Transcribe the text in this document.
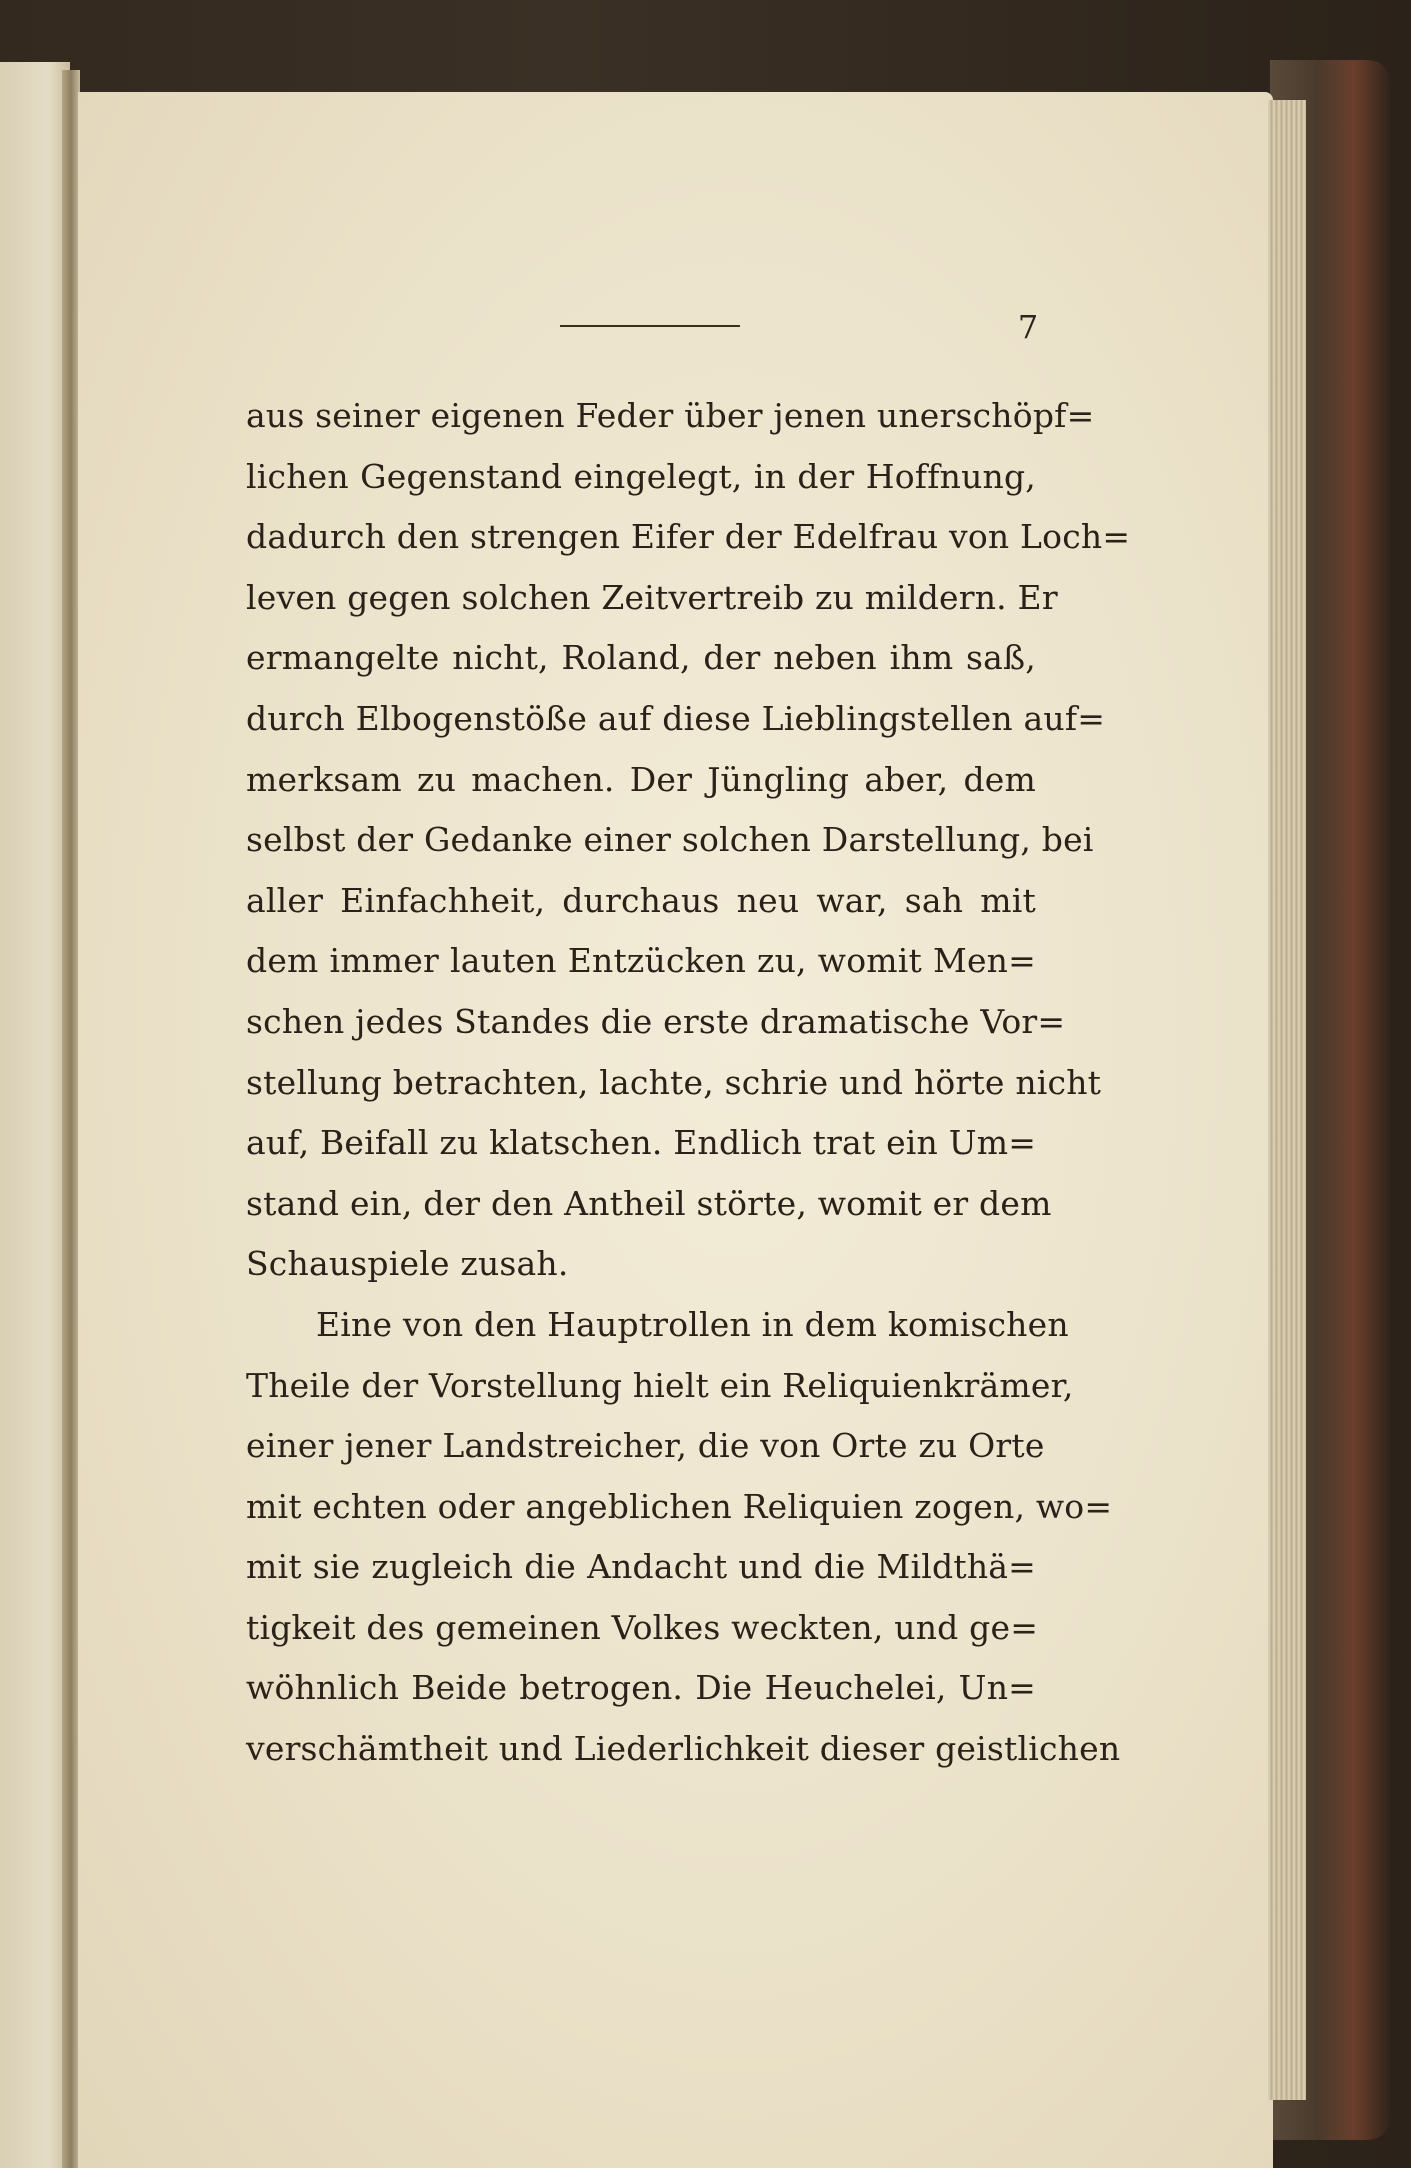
7
aus seiner eigenen Feder über jenen unerschöpf=
lichen Gegenstand eingelegt, in der Hoffnung,
dadurch den strengen Eifer der Edelfrau von Loch=
leven gegen solchen Zeitvertreib zu mildern. Er
ermangelte nicht, Roland, der neben ihm saß,
durch Elbogenstöße auf diese Lieblingstellen auf=
merksam zu machen. Der Jüngling aber, dem
selbst der Gedanke einer solchen Darstellung, bei
aller Einfachheit, durchaus neu war, sah mit
dem immer lauten Entzücken zu, womit Men=
schen jedes Standes die erste dramatische Vor=
stellung betrachten, lachte, schrie und hörte nicht
auf, Beifall zu klatschen. Endlich trat ein Um=
stand ein, der den Antheil störte, womit er dem
Schauspiele zusah.
Eine von den Hauptrollen in dem komischen
Theile der Vorstellung hielt ein Reliquienkrämer,
einer jener Landstreicher, die von Orte zu Orte
mit echten oder angeblichen Reliquien zogen, wo=
mit sie zugleich die Andacht und die Mildthä=
tigkeit des gemeinen Volkes weckten, und ge=
wöhnlich Beide betrogen. Die Heuchelei, Un=
verschämtheit und Liederlichkeit dieser geistlichen
